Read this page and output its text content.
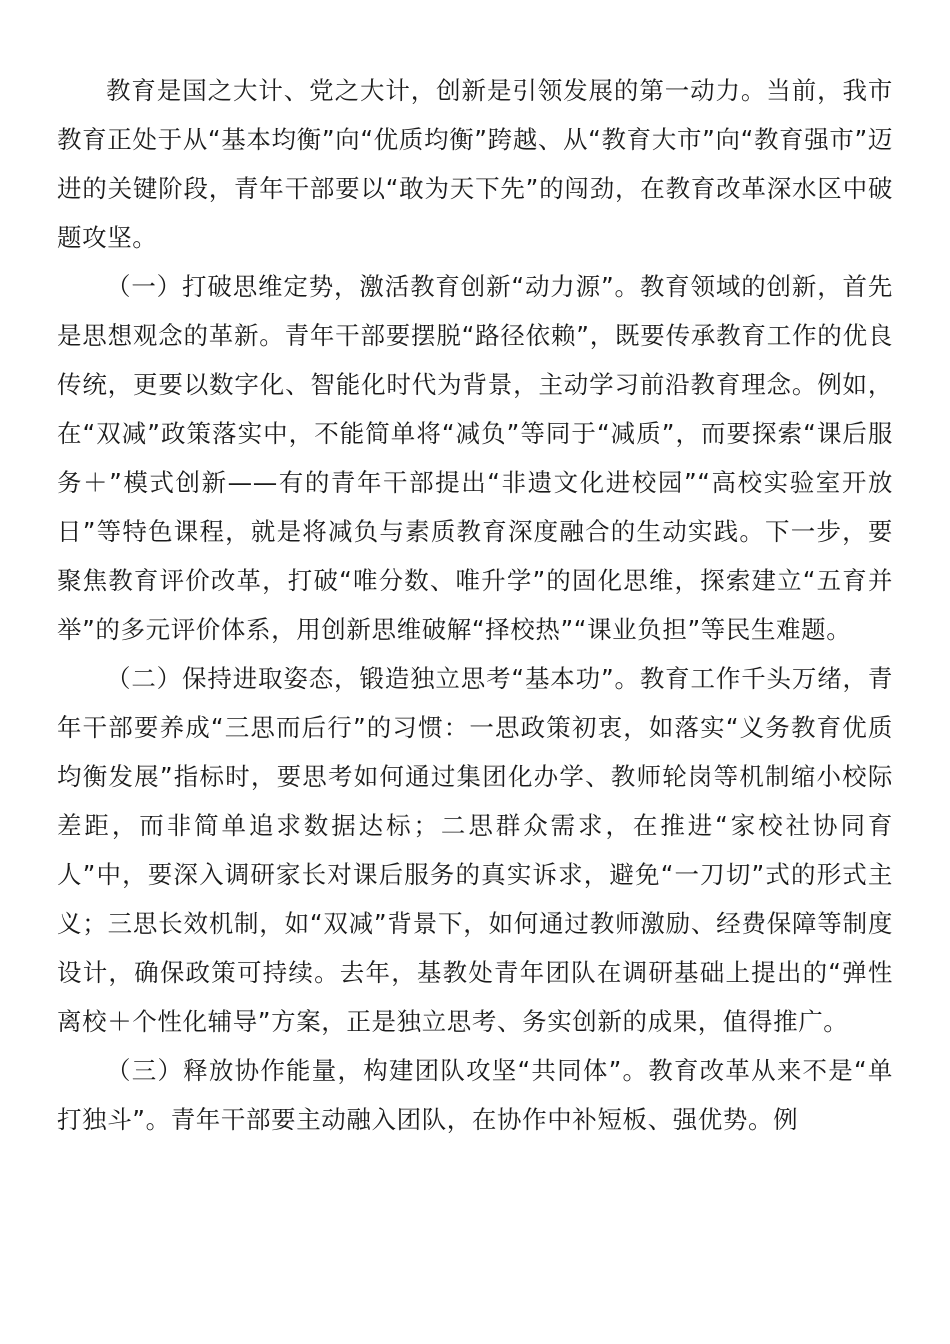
教育是国之大计、党之大计，创新是引领发展的第一动力。当前，我市教育正处于从“基本均衡”向“优质均衡”跨越、从“教育大市”向“教育强市”迈进的关键阶段，青年干部要以“敢为天下先”的闯劲，在教育改革深水区中破题攻坚。

（一）打破思维定势，激活教育创新“动力源”。教育领域的创新，首先是思想观念的革新。青年干部要摆脱“路径依赖”，既要传承教育工作的优良传统，更要以数字化、智能化时代为背景，主动学习前沿教育理念。例如，在“双减”政策落实中，不能简单将“减负”等同于“减质”，而要探索“课后服务＋”模式创新——有的青年干部提出“非遗文化进校园”“高校实验室开放日”等特色课程，就是将减负与素质教育深度融合的生动实践。下一步，要聚焦教育评价改革，打破“唯分数、唯升学”的固化思维，探索建立“五育并举”的多元评价体系，用创新思维破解“择校热”“课业负担”等民生难题。

（二）保持进取姿态，锻造独立思考“基本功”。教育工作千头万绪，青年干部要养成“三思而后行”的习惯：一思政策初衷，如落实“义务教育优质均衡发展”指标时，要思考如何通过集团化办学、教师轮岗等机制缩小校际差距，而非简单追求数据达标；二思群众需求，在推进“家校社协同育人”中，要深入调研家长对课后服务的真实诉求，避免“一刀切”式的形式主义；三思长效机制，如“双减”背景下，如何通过教师激励、经费保障等制度设计，确保政策可持续。去年，基教处青年团队在调研基础上提出的“弹性离校＋个性化辅导”方案，正是独立思考、务实创新的成果，值得推广。

（三）释放协作能量，构建团队攻坚“共同体”。教育改革从来不是“单打独斗”。青年干部要主动融入团队，在协作中补短板、强优势。例
